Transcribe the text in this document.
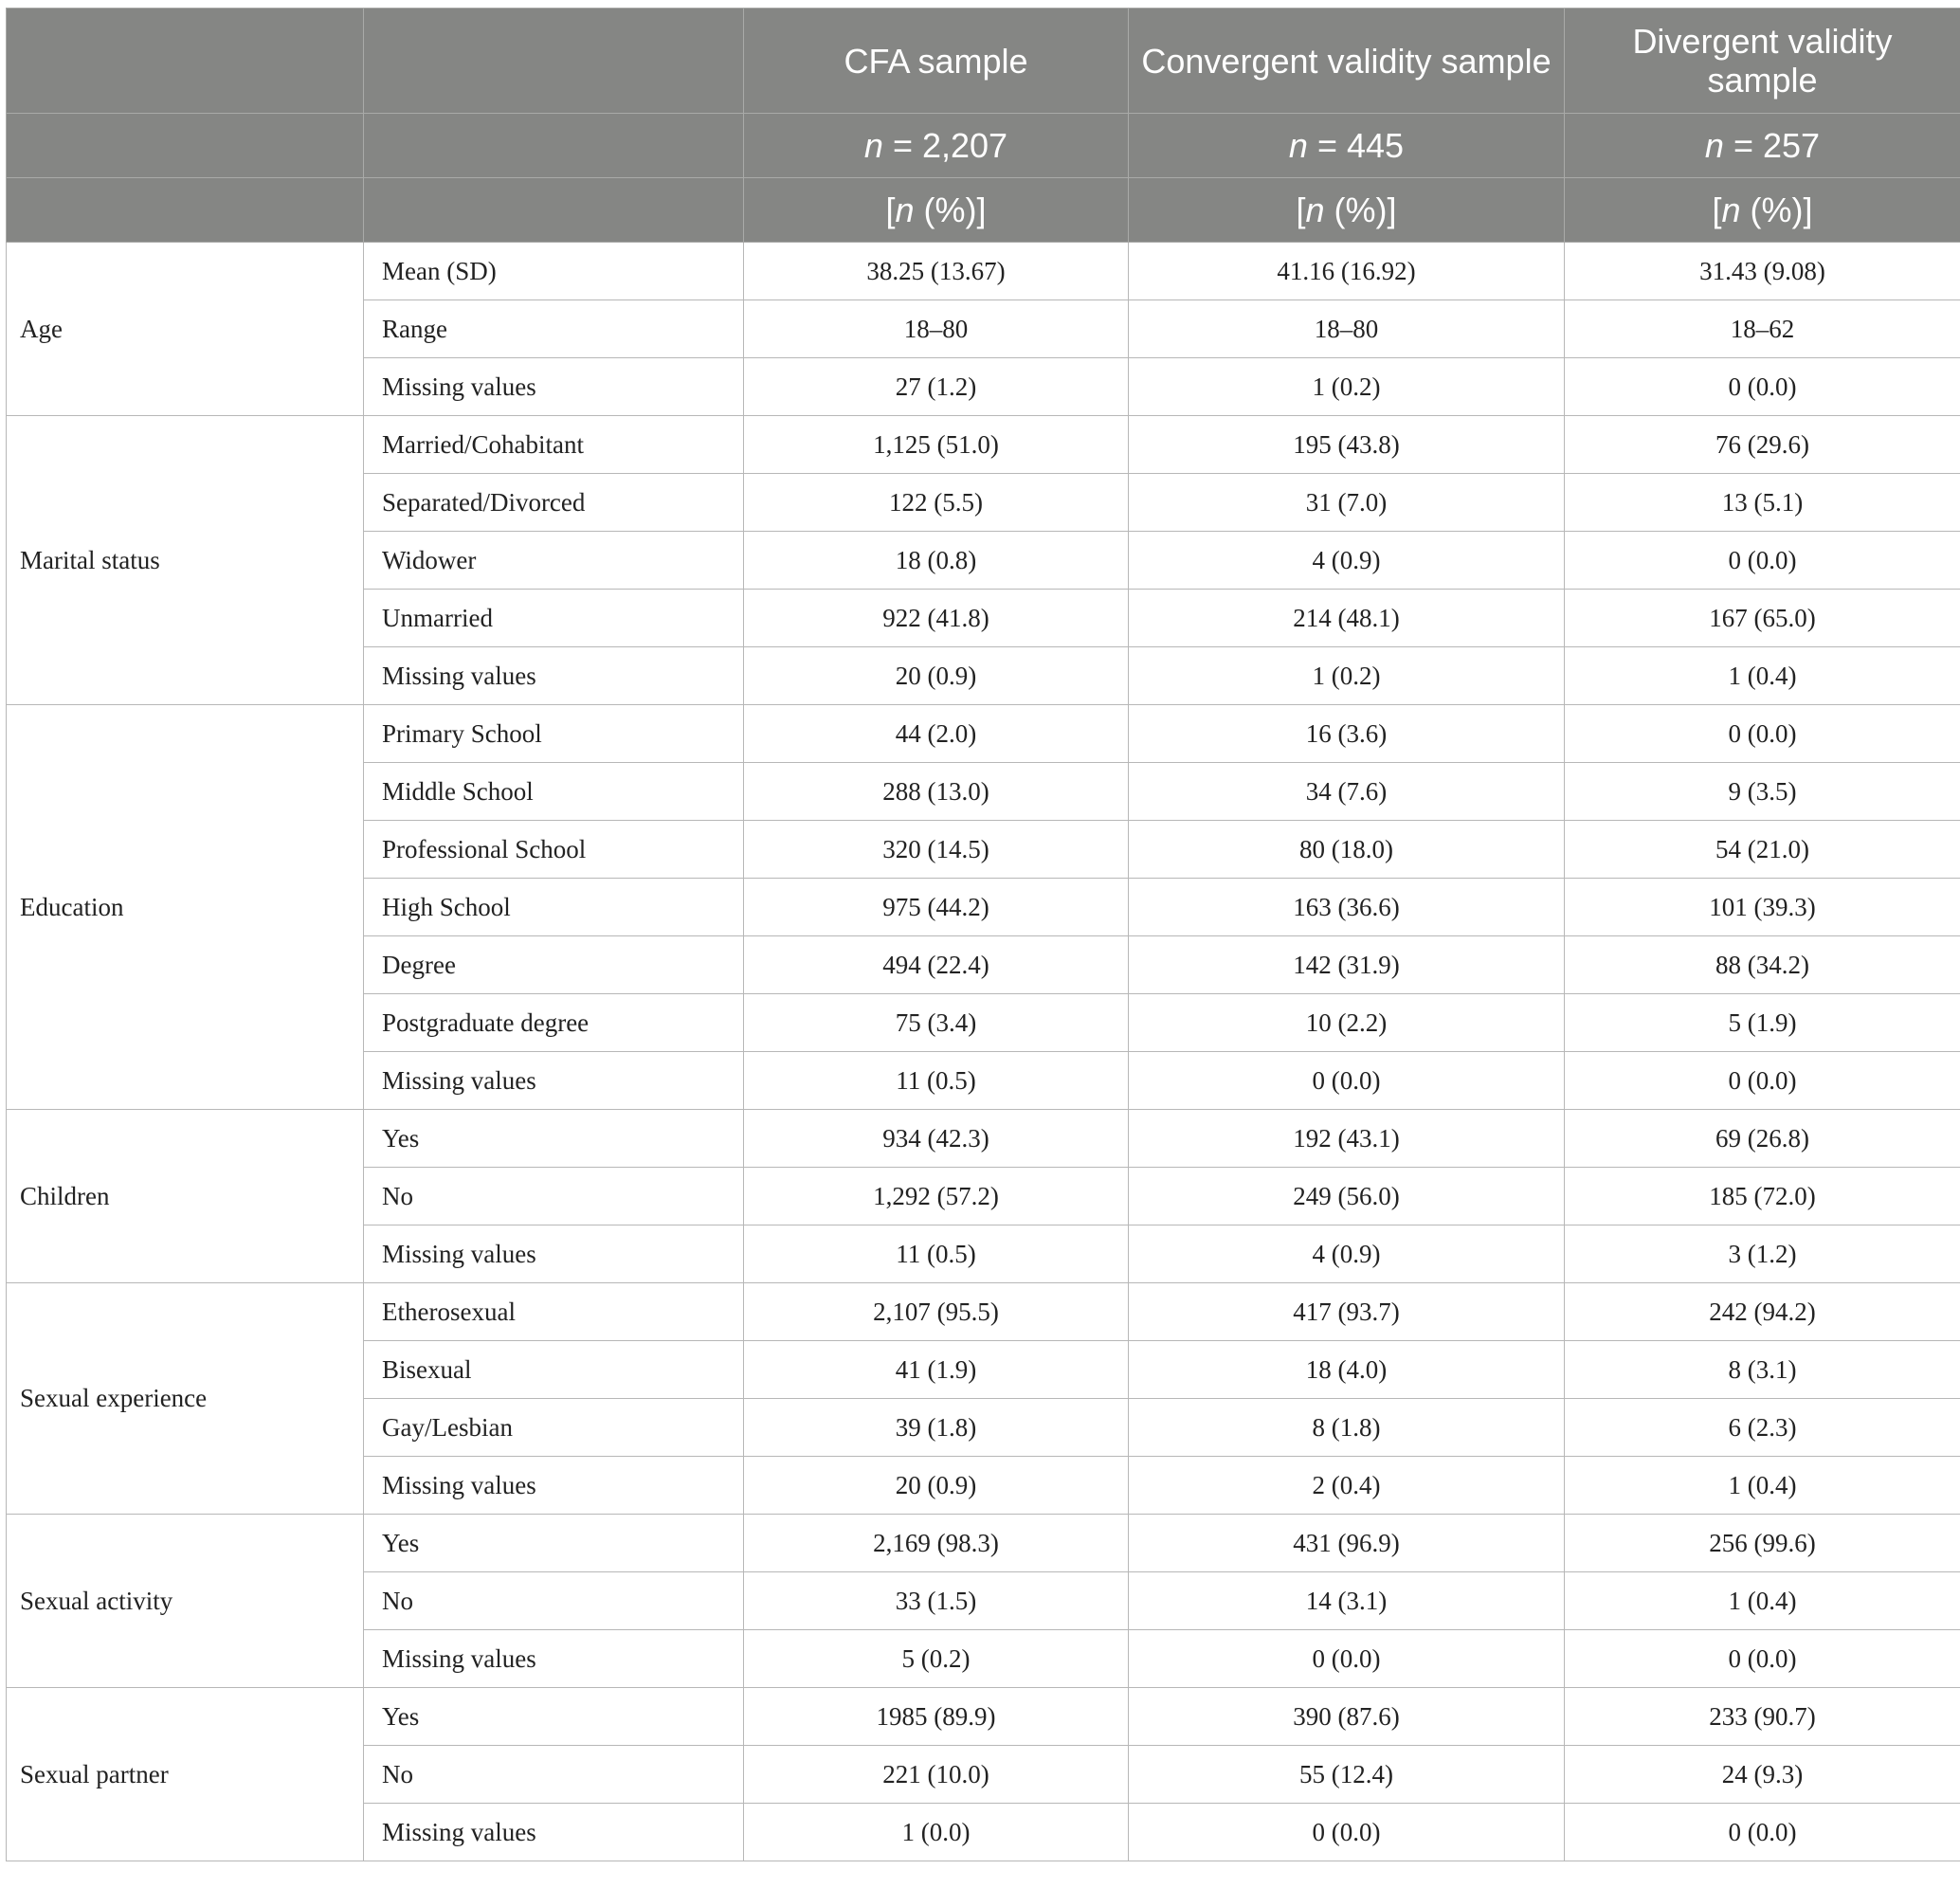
		CFA sample	Convergent validity sample	Divergent validity sample
		n = 2,207	n = 445	n = 257
		[n (%)]	[n (%)]	[n (%)]
Age	Mean (SD)	38.25 (13.67)	41.16 (16.92)	31.43 (9.08)
	Range	18–80	18–80	18–62
	Missing values	27 (1.2)	1 (0.2)	0 (0.0)
Marital status	Married/Cohabitant	1,125 (51.0)	195 (43.8)	76 (29.6)
	Separated/Divorced	122 (5.5)	31 (7.0)	13 (5.1)
	Widower	18 (0.8)	4 (0.9)	0 (0.0)
	Unmarried	922 (41.8)	214 (48.1)	167 (65.0)
	Missing values	20 (0.9)	1 (0.2)	1 (0.4)
Education	Primary School	44 (2.0)	16 (3.6)	0 (0.0)
	Middle School	288 (13.0)	34 (7.6)	9 (3.5)
	Professional School	320 (14.5)	80 (18.0)	54 (21.0)
	High School	975 (44.2)	163 (36.6)	101 (39.3)
	Degree	494 (22.4)	142 (31.9)	88 (34.2)
	Postgraduate degree	75 (3.4)	10 (2.2)	5 (1.9)
	Missing values	11 (0.5)	0 (0.0)	0 (0.0)
Children	Yes	934 (42.3)	192 (43.1)	69 (26.8)
	No	1,292 (57.2)	249 (56.0)	185 (72.0)
	Missing values	11 (0.5)	4 (0.9)	3 (1.2)
Sexual experience	Etherosexual	2,107 (95.5)	417 (93.7)	242 (94.2)
	Bisexual	41 (1.9)	18 (4.0)	8 (3.1)
	Gay/Lesbian	39 (1.8)	8 (1.8)	6 (2.3)
	Missing values	20 (0.9)	2 (0.4)	1 (0.4)
Sexual activity	Yes	2,169 (98.3)	431 (96.9)	256 (99.6)
	No	33 (1.5)	14 (3.1)	1 (0.4)
	Missing values	5 (0.2)	0 (0.0)	0 (0.0)
Sexual partner	Yes	1985 (89.9)	390 (87.6)	233 (90.7)
	No	221 (10.0)	55 (12.4)	24 (9.3)
	Missing values	1 (0.0)	0 (0.0)	0 (0.0)
